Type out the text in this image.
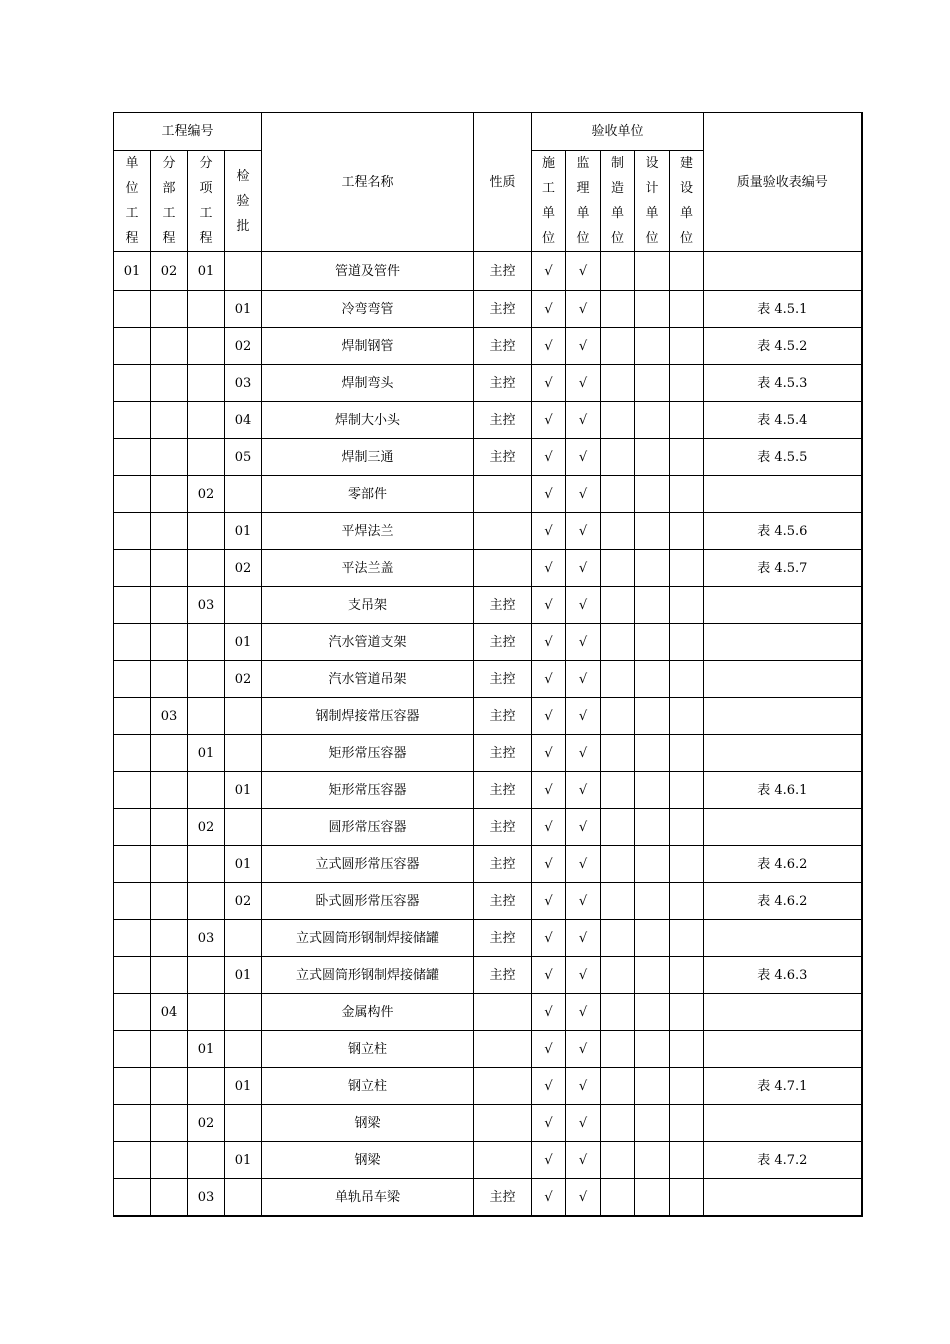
工程编号				工程名称	性质	验收单位					质量验收表编号
单位工程	分部工程	分项工程	检验批			施工单位	监理单位	制造单位	设计单位	建设单位	
01	02	01		管道及管件	主控	√	√				
			01	冷弯弯管	主控	√	√				表 4.5.1
			02	焊制钢管	主控	√	√				表 4.5.2
			03	焊制弯头	主控	√	√				表 4.5.3
			04	焊制大小头	主控	√	√				表 4.5.4
			05	焊制三通	主控	√	√				表 4.5.5
		02		零部件		√	√				
			01	平焊法兰		√	√				表 4.5.6
			02	平法兰盖		√	√				表 4.5.7
		03		支吊架	主控	√	√				
			01	汽水管道支架	主控	√	√				
			02	汽水管道吊架	主控	√	√				
	03			钢制焊接常压容器	主控	√	√				
		01		矩形常压容器	主控	√	√				
			01	矩形常压容器	主控	√	√				表 4.6.1
		02		圆形常压容器	主控	√	√				
			01	立式圆形常压容器	主控	√	√				表 4.6.2
			02	卧式圆形常压容器	主控	√	√				表 4.6.2
		03		立式圆筒形钢制焊接储罐	主控	√	√				
			01	立式圆筒形钢制焊接储罐	主控	√	√				表 4.6.3
	04			金属构件		√	√				
		01		钢立柱		√	√				
			01	钢立柱		√	√				表 4.7.1
		02		钢梁		√	√				
			01	钢梁		√	√				表 4.7.2
		03		单轨吊车梁	主控	√	√				
